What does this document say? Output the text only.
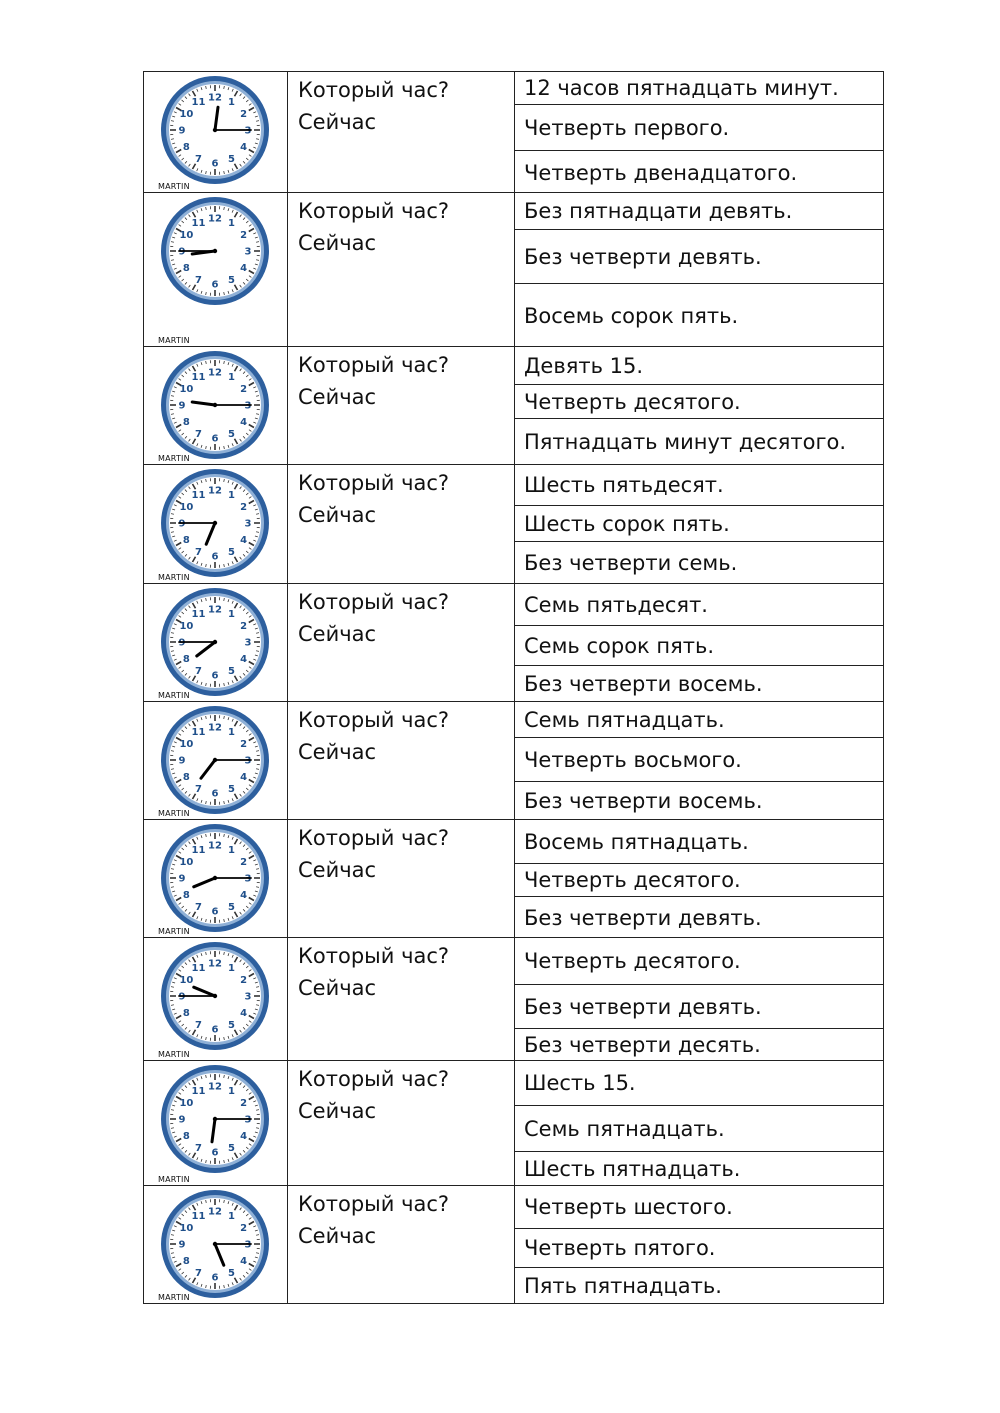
1
2
3
4
5
6
7
8
9
10
11 12
MARTIN
Который час?
Сейчас
12 часов пятнадцать минут.
Четверть первого.
Четверть двенадцатого.
1
2
3
4
5
6
7
8
9
10
11 12
MARTIN
Который час?
Сейчас
Без пятнадцати девять.
Без четверти девять.
Восемь сорок пять.
1
2
3
4
5
6
7
8
9
10
11 12
MARTIN
Который час?
Сейчас
Девять 15.
Четверть десятого.
Пятнадцать минут десятого.
1
2
3
4
5
6
7
8
9
10
11 12
MARTIN
Который час?
Сейчас
Шесть пятьдесят.
Шесть сорок пять.
Без четверти семь.
1
2
3
4
5
6
7
8
9
10
11 12
MARTIN
Который час?
Сейчас
Семь пятьдесят.
Семь сорок пять.
Без четверти восемь.
1
2
3
4
5
6
7
8
9
10
11 12
MARTIN
Который час?
Сейчас
Семь пятнадцать.
Четверть восьмого.
Без четверти восемь.
1
2
3
4
5
6
7
8
9
10
11 12
MARTIN
Который час?
Сейчас
Восемь пятнадцать.
Четверть десятого.
Без четверти девять.
1
2
3
4
5
6
7
8
9
10
11 12
MARTIN
Который час?
Сейчас
Четверть десятого.
Без четверти девять.
Без четверти десять.
1
2
3
4
5
6
7
8
9
10
11 12
MARTIN
Который час?
Сейчас
Шесть 15.
Семь пятнадцать.
Шесть пятнадцать.
1
2
3
4
5
6
7
8
9
10
11 12
MARTIN
Который час?
Сейчас
Четверть шестого.
Четверть пятого.
Пять пятнадцать.
